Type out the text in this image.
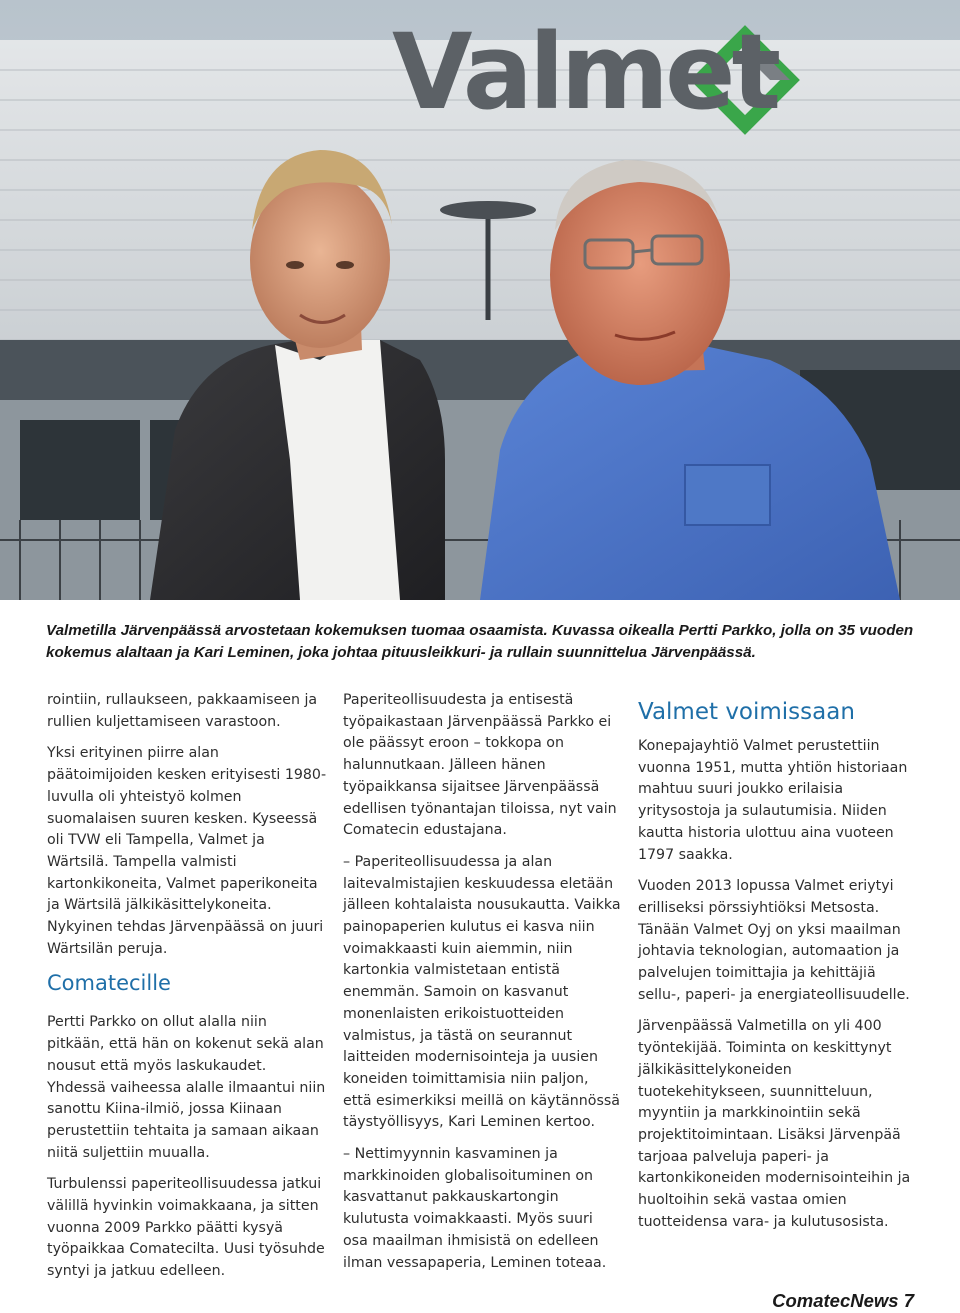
Valmet

Valmetilla Järvenpäässä arvostetaan kokemuksen tuomaa osaamista. Kuvassa oikealla Pertti Parkko, jolla on 35 vuoden kokemus alaltaan ja Kari Leminen, joka johtaa pituusleikkuri- ja rullain suunnittelua Järvenpäässä.

rointiin, rullaukseen, pakkaamiseen ja rullien kuljettamiseen varastoon.

Yksi erityinen piirre alan päätoimijoiden kesken erityisesti 1980-luvulla oli yhteistyö kolmen suomalaisen suuren kesken. Kyseessä oli TVW eli Tampella, Valmet ja Wärtsilä. Tampella valmisti kartonkikoneita, Valmet paperikoneita ja Wärtsilä jälkikäsittelykoneita. Nykyinen tehdas Järvenpäässä on juuri Wärtsilän peruja.

Comatecille

Pertti Parkko on ollut alalla niin pitkään, että hän on kokenut sekä alan nousut että myös laskukaudet. Yhdessä vaiheessa alalle ilmaantui niin sanottu Kiina-ilmiö, jossa Kiinaan perustettiin tehtaita ja samaan aikaan niitä suljettiin muualla.

Turbulenssi paperiteollisuudessa jatkui välillä hyvinkin voimakkaana, ja sitten vuonna 2009 Parkko päätti kysyä työpaikkaa Comatecilta. Uusi työsuhde syntyi ja jatkuu edelleen.

Paperiteollisuudesta ja entisestä työpaikastaan Järvenpäässä Parkko ei ole päässyt eroon – tokkopa on halunnutkaan. Jälleen hänen työpaikkansa sijaitsee Järvenpäässä edellisen työnantajan tiloissa, nyt vain Comatecin edustajana.

– Paperiteollisuudessa ja alan laitevalmistajien keskuudessa eletään jälleen kohtalaista nousukautta. Vaikka painopaperien kulutus ei kasva niin voimakkaasti kuin aiemmin, niin kartonkia valmistetaan entistä enemmän. Samoin on kasvanut monenlaisten erikoistuotteiden valmistus, ja tästä on seurannut laitteiden modernisointeja ja uusien koneiden toimittamisia niin paljon, että esimerkiksi meillä on käytännössä täystyöllisyys, Kari Leminen kertoo.

– Nettimyynnin kasvaminen ja markkinoiden globalisoituminen on kasvattanut pakkauskartongin kulutusta voimakkaasti. Myös suuri osa maailman ihmisistä on edelleen ilman vessapaperia, Leminen toteaa.

Valmet voimissaan

Konepajayhtiö Valmet perustettiin vuonna 1951, mutta yhtiön historiaan mahtuu suuri joukko erilaisia yritysostoja ja sulautumisia. Niiden kautta historia ulottuu aina vuoteen 1797 saakka.

Vuoden 2013 lopussa Valmet eriytyi erilliseksi pörssiyhtiöksi Metsosta. Tänään Valmet Oyj on yksi maailman johtavia teknologian, automaation ja palvelujen toimittajia ja kehittäjiä sellu-, paperi- ja energiateollisuudelle.

Järvenpäässä Valmetilla on yli 400 työntekijää. Toiminta on keskittynyt jälkikäsittelykoneiden tuotekehitykseen, suunnitteluun, myyntiin ja markkinointiin sekä projektitoimintaan. Lisäksi Järvenpää tarjoaa palveluja paperi- ja kartonkikoneiden modernisointeihin ja huoltoihin sekä vastaa omien tuotteidensa vara- ja kulutusosista.

ComatecNews 7
